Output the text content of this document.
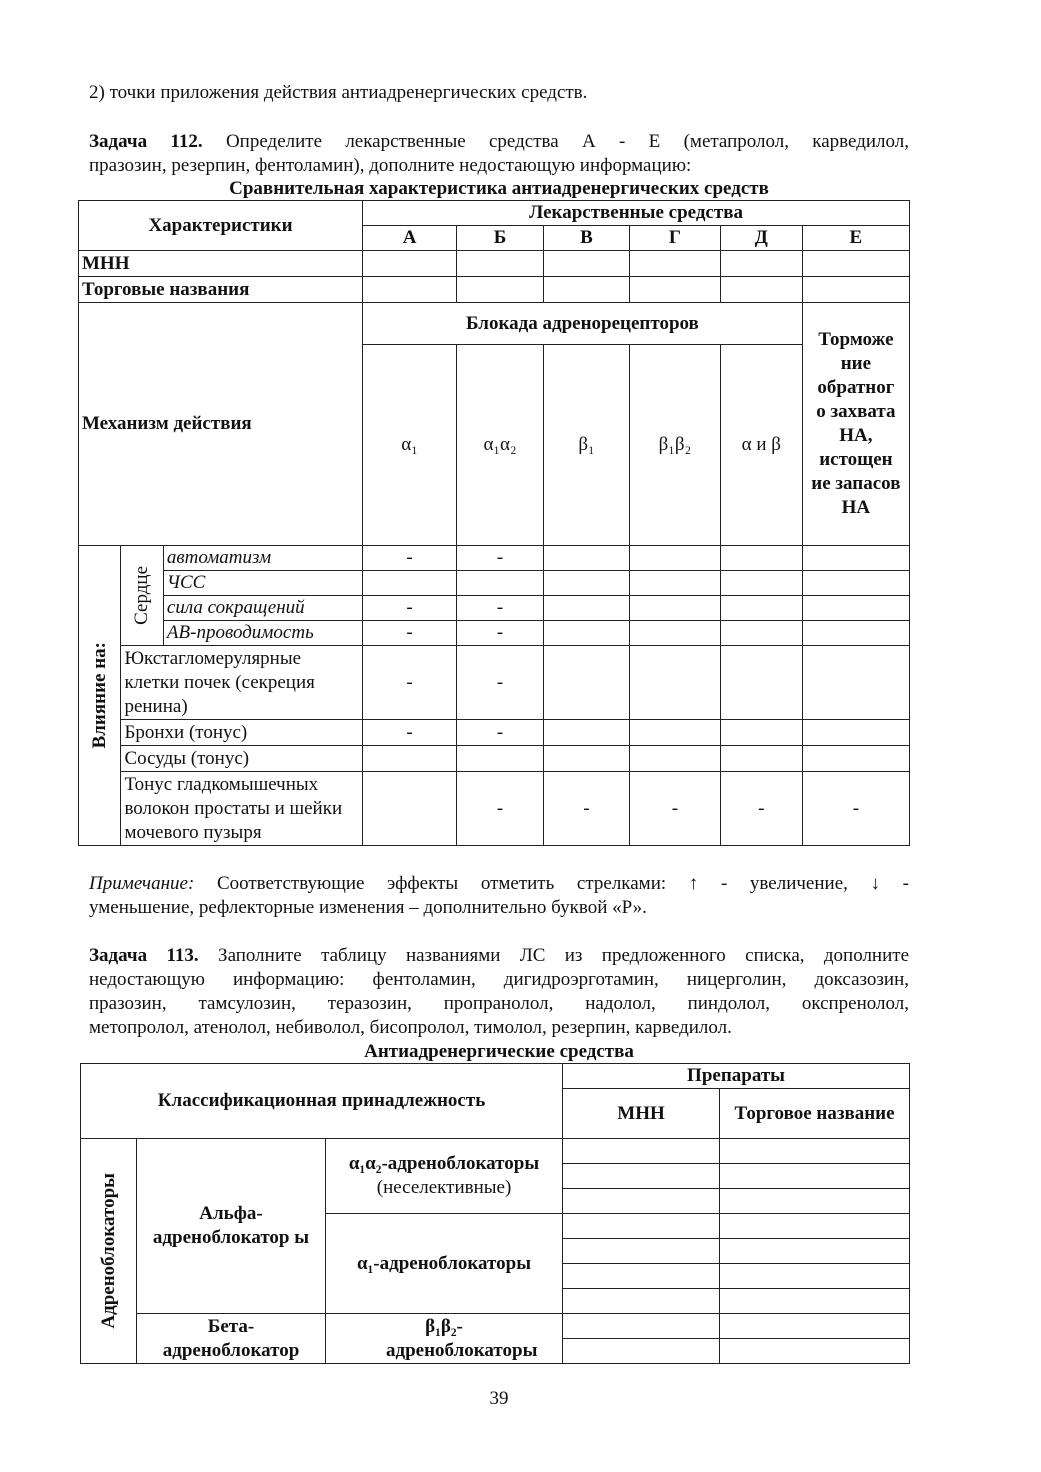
2) точки приложения действия антиадренергических средств.

Задача 112. Определите лекарственные средства А - Е (метапролол, карведилол,

празозин, резерпин, фентоламин), дополните недостающую информацию:

Сравнительная характеристика антиадренергических средств

Характеристики			Лекарственные средства					
			А	Б	В	Г	Д	Е
МНН								
Торговые названия								
Механизм действия			Блокада адренорецепторов					Торможе ние обратног о захвата НА, истощен ие запасов НА
			α₁	α₁α₂	β₁	β₁β₂	α и β	

Влияние на:	Сердце	автоматизм	-	-				
		ЧСС						
		сила сокращений	-	-				
		АВ-проводимость	-	-				
	Юкстагломерулярные клетки почек (секреция ренина)		-	-				
	Бронхи (тонус)		-	-				
	Сосуды (тонус)							
	Тонус гладкомышечных волокон простаты и шейки мочевого пузыря			-	-	-	-	-

Примечание: Соответствующие эффекты отметить стрелками: ↑ - увеличение, ↓ -

уменьшение, рефлекторные изменения – дополнительно буквой «Р».

Задача 113. Заполните таблицу названиями ЛС из предложенного списка, дополните

недостающую информацию: фентоламин, дигидроэрготамин, ницерголин, доксазозин,

празозин, тамсулозин, теразозин, пропранолол, надолол, пиндолол, окспренолол,

метопролол, атенолол, небиволол, бисопролол, тимолол, резерпин, карведилол.

Антиадренергические средства

Классификационная принадлежность			Препараты	
			МНН	Торговое название

Адреноблокаторы	Альфа-адреноблокатор ы	α₁α₂-адреноблокаторы
(неселективные)		

		α₁-адреноблокаторы		

	Бета-адреноблокатор	β₁β₂-адреноблокаторы		

39
